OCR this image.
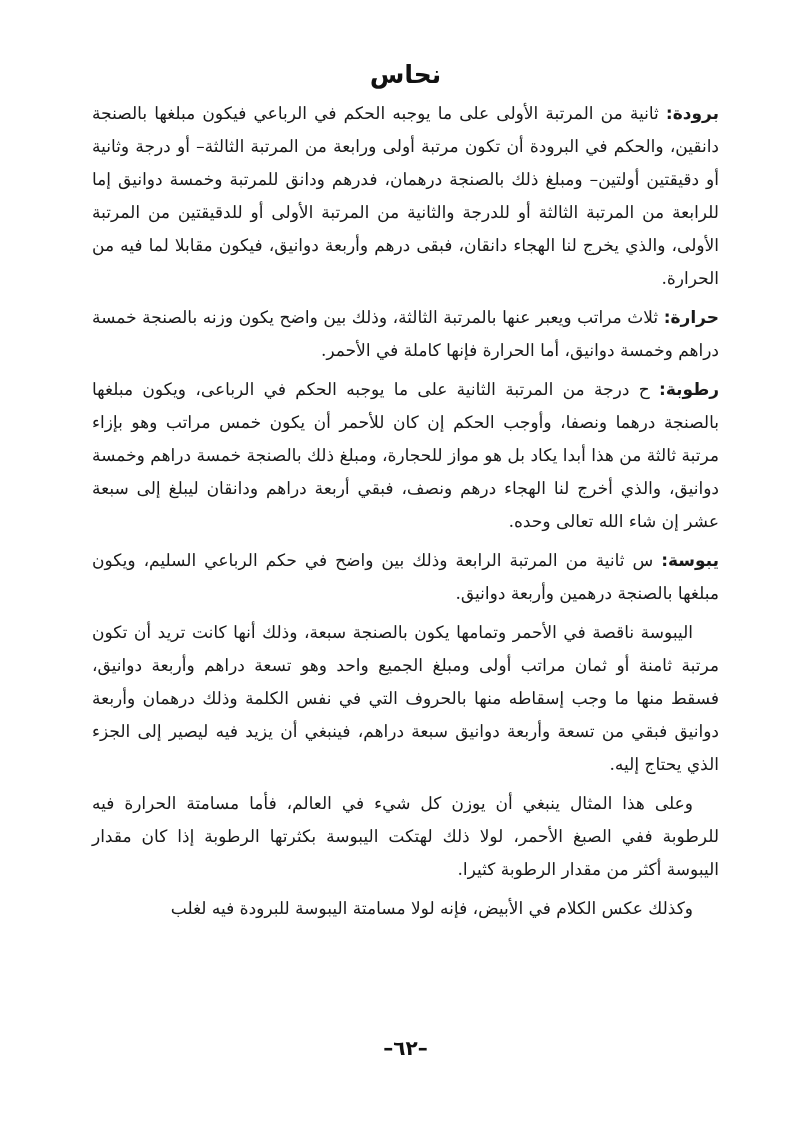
نحاس

برودة: ثانية من المرتبة الأولى على ما يوجبه الحكم في الرباعي فيكون مبلغها بالصنجة دانقين، والحكم في البرودة أن تكون مرتبة أولى ورابعة من المرتبة الثالثة– أو درجة وثانية أو دقيقتين أولتين– ومبلغ ذلك بالصنجة درهمان، فدرهم ودانق للمرتبة وخمسة دوانيق إما للرابعة من المرتبة الثالثة أو للدرجة والثانية من المرتبة الأولى أو للدقيقتين من المرتبة الأولى، والذي يخرج لنا الهجاء دانقان، فبقى درهم وأربعة دوانيق، فيكون مقابلا لما فيه من الحرارة.

حرارة: ثلاث مراتب ويعبر عنها بالمرتبة الثالثة، وذلك بين واضح يكون وزنه بالصنجة خمسة دراهم وخمسة دوانيق، أما الحرارة فإنها كاملة في الأحمر.

رطوبة: ح درجة من المرتبة الثانية على ما يوجبه الحكم في الرباعى، ويكون مبلغها بالصنجة درهما ونصفا، وأوجب الحكم إن كان للأحمر أن يكون خمس مراتب وهو بإزاء مرتبة ثالثة من هذا أبدا يكاد بل هو مواز للحجارة، ومبلغ ذلك بالصنجة خمسة دراهم وخمسة دوانيق، والذي أخرج لنا الهجاء درهم ونصف، فبقي أربعة دراهم ودانقان ليبلغ إلى سبعة عشر إن شاء الله تعالى وحده.

يبوسة: س ثانية من المرتبة الرابعة وذلك بين واضح في حكم الرباعي السليم، ويكون مبلغها بالصنجة درهمين وأربعة دوانيق.

اليبوسة ناقصة في الأحمر وتمامها يكون بالصنجة سبعة، وذلك أنها كانت تريد أن تكون مرتبة ثامنة أو ثمان مراتب أولى ومبلغ الجميع واحد وهو تسعة دراهم وأربعة دوانيق، فسقط منها ما وجب إسقاطه منها بالحروف التي في نفس الكلمة وذلك درهمان وأربعة دوانيق فبقي من تسعة وأربعة دوانيق سبعة دراهم، فينبغي أن يزيد فيه ليصير إلى الجزء الذي يحتاج إليه.

وعلى هذا المثال ينبغي أن يوزن كل شيء في العالم، فأما مسامتة الحرارة فيه للرطوبة ففي الصبغ الأحمر، لولا ذلك لهتكت اليبوسة بكثرتها الرطوبة إذا كان مقدار اليبوسة أكثر من مقدار الرطوبة كثيرا.

وكذلك عكس الكلام في الأبيض، فإنه لولا مسامتة اليبوسة للبرودة فيه لغلب

–٦٢–
